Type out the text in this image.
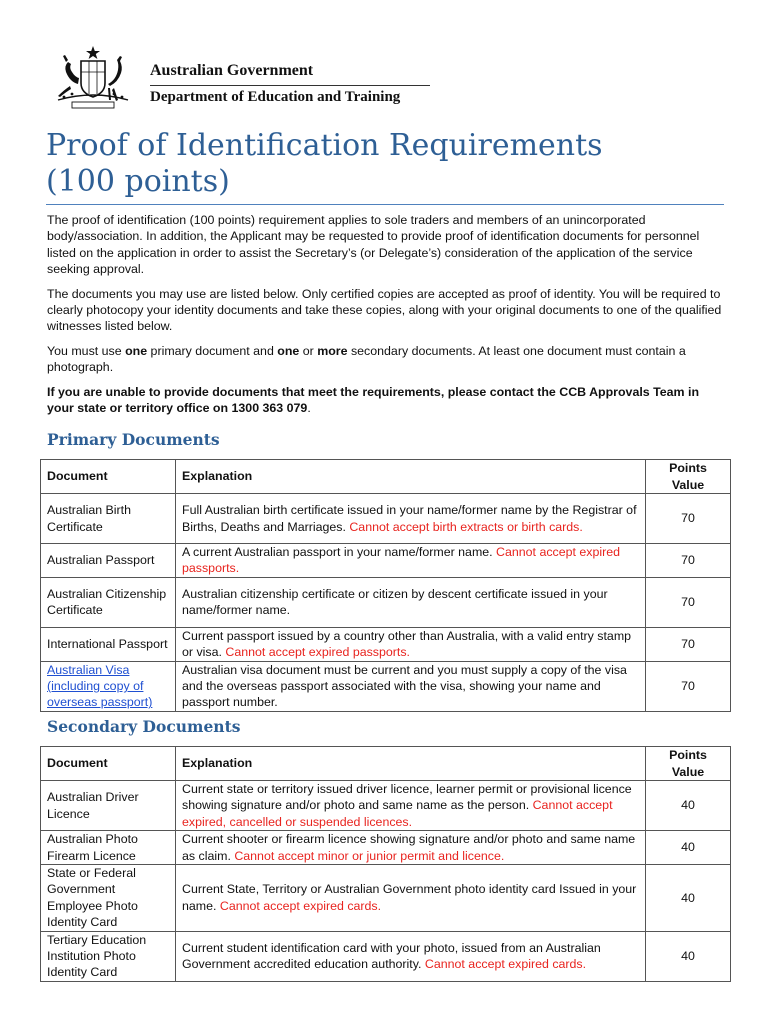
Australian Government
Department of Education and Training
Proof of Identification Requirements
(100 points)

The proof of identification (100 points) requirement applies to sole traders and members of an unincorporated body/association. In addition, the Applicant may be requested to provide proof of identification documents for personnel listed on the application in order to assist the Secretary’s (or Delegate’s) consideration of the application of the service seeking approval.

The documents you may use are listed below. Only certified copies are accepted as proof of identity. You will be required to clearly photocopy your identity documents and take these copies, along with your original documents to one of the qualified witnesses listed below.

You must use one primary document and one or more secondary documents. At least one document must contain a photograph.

If you are unable to provide documents that meet the requirements, please contact the CCB Approvals Team in your state or territory office on 1300 363 079.

Primary Documents
Document	Explanation	Points Value
Australian Birth Certificate	Full Australian birth certificate issued in your name/former name by the Registrar of Births, Deaths and Marriages. Cannot accept birth extracts or birth cards.	70
Australian Passport	A current Australian passport in your name/former name. Cannot accept expired passports.	70
Australian Citizenship Certificate	Australian citizenship certificate or citizen by descent certificate issued in your name/former name.	70
International Passport	Current passport issued by a country other than Australia, with a valid entry stamp or visa. Cannot accept expired passports.	70
Australian Visa (including copy of overseas passport)	Australian visa document must be current and you must supply a copy of the visa and the overseas passport associated with the visa, showing your name and passport number.	70
Secondary Documents
Document	Explanation	Points Value
Australian Driver Licence	Current state or territory issued driver licence, learner permit or provisional licence showing signature and/or photo and same name as the person. Cannot accept expired, cancelled or suspended licences.	40
Australian Photo Firearm Licence	Current shooter or firearm licence showing signature and/or photo and same name as claim. Cannot accept minor or junior permit and licence.	40
State or Federal Government Employee Photo Identity Card	Current State, Territory or Australian Government photo identity card Issued in your name. Cannot accept expired cards.	40
Tertiary Education Institution Photo Identity Card	Current student identification card with your photo, issued from an Australian Government accredited education authority. Cannot accept expired cards.	40
